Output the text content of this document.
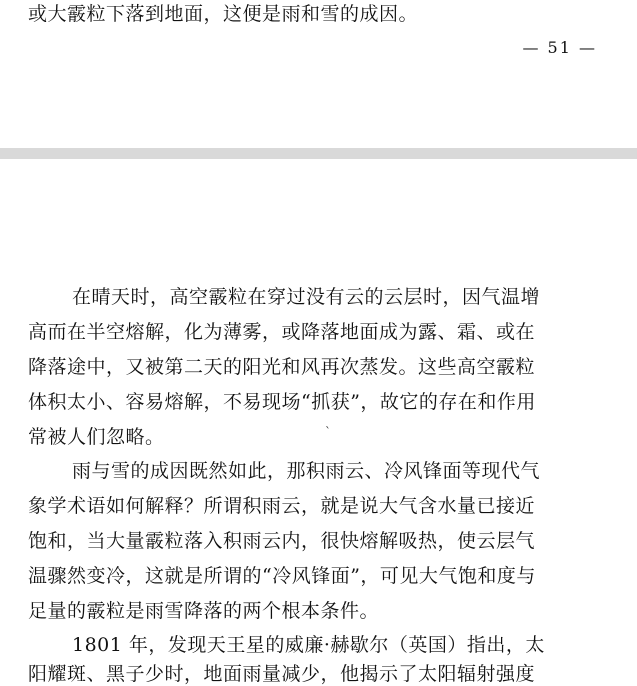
或大霰粒下落到地面，这便是雨和雪的成因。
— 51 —
在晴天时，高空霰粒在穿过没有云的云层时，因气温增
高而在半空熔解，化为薄雾，或降落地面成为露、霜、或在
降落途中，又被第二天的阳光和风再次蒸发。这些高空霰粒
体积太小、容易熔解，不易现场“抓获”，故它的存在和作用
常被人们忽略。	`
雨与雪的成因既然如此，那积雨云、冷风锋面等现代气
象学术语如何解释？所谓积雨云，就是说大气含水量已接近
饱和，当大量霰粒落入积雨云内，很快熔解吸热，使云层气
温骤然变冷，这就是所谓的“冷风锋面”，可见大气饱和度与
足量的霰粒是雨雪降落的两个根本条件。
1801 年，发现天王星的威廉·赫歇尔（英国）指出，太
阳耀斑、黑子少时，地面雨量减少，他揭示了太阳辐射强度
